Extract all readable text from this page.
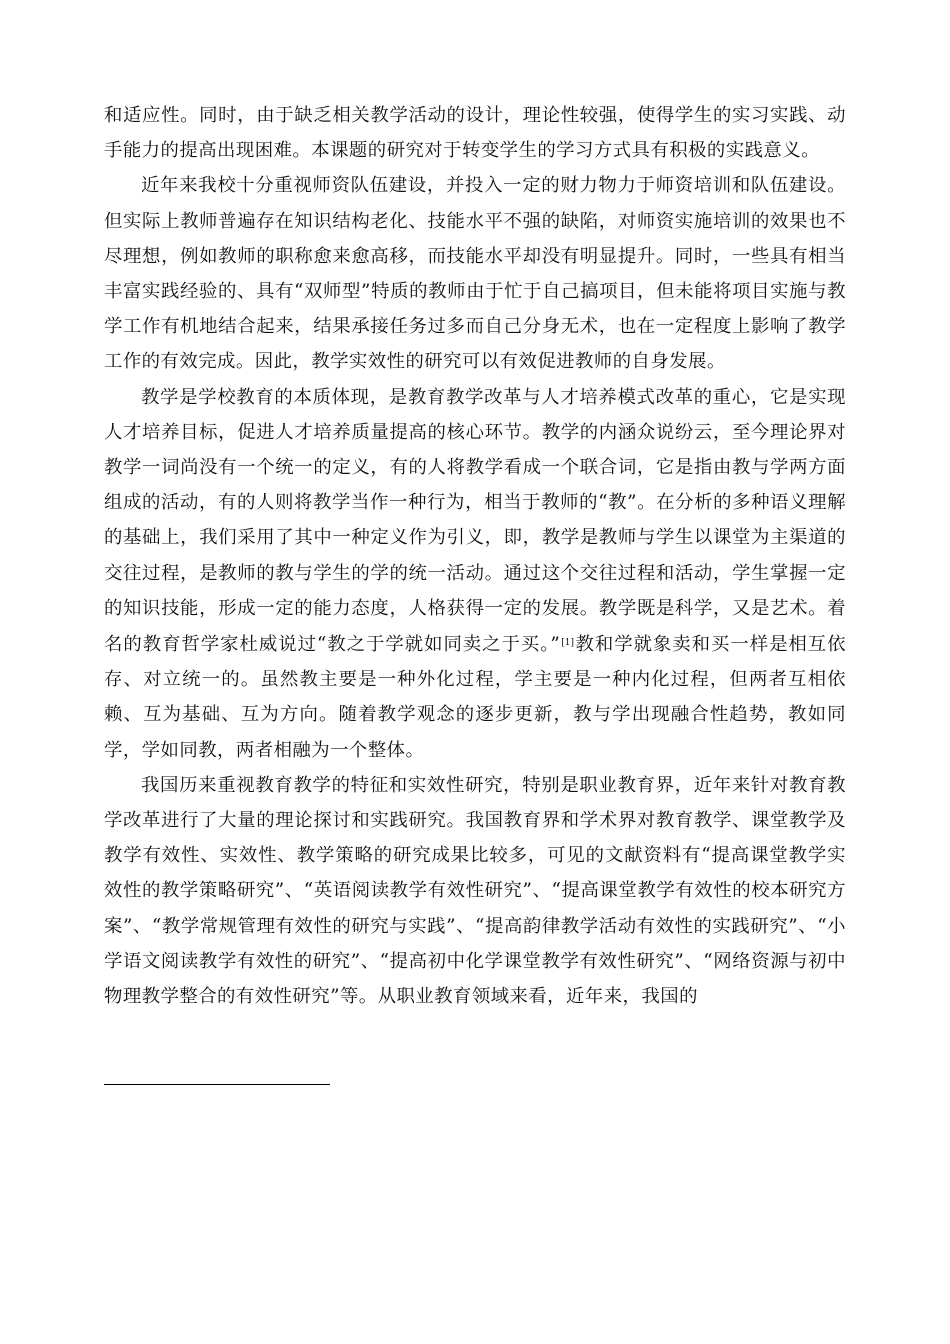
和适应性。同时，由于缺乏相关教学活动的设计，理论性较强，使得学生的实习实践、动手能力的提高出现困难。本课题的研究对于转变学生的学习方式具有积极的实践意义。

近年来我校十分重视师资队伍建设，并投入一定的财力物力于师资培训和队伍建设。但实际上教师普遍存在知识结构老化、技能水平不强的缺陷，对师资实施培训的效果也不尽理想，例如教师的职称愈来愈高移，而技能水平却没有明显提升。同时，一些具有相当丰富实践经验的、具有“双师型”特质的教师由于忙于自己搞项目，但未能将项目实施与教学工作有机地结合起来，结果承接任务过多而自己分身无术，也在一定程度上影响了教学工作的有效完成。因此，教学实效性的研究可以有效促进教师的自身发展。

教学是学校教育的本质体现，是教育教学改革与人才培养模式改革的重心，它是实现人才培养目标，促进人才培养质量提高的核心环节。教学的内涵众说纷云，至今理论界对教学一词尚没有一个统一的定义，有的人将教学看成一个联合词，它是指由教与学两方面组成的活动，有的人则将教学当作一种行为，相当于教师的“教”。在分析的多种语义理解的基础上，我们采用了其中一种定义作为引义，即，教学是教师与学生以课堂为主渠道的交往过程，是教师的教与学生的学的统一活动。通过这个交往过程和活动，学生掌握一定的知识技能，形成一定的能力态度，人格获得一定的发展。教学既是科学，又是艺术。着名的教育哲学家杜威说过“教之于学就如同卖之于买。”[1]教和学就象卖和买一样是相互依存、对立统一的。虽然教主要是一种外化过程，学主要是一种内化过程，但两者互相依赖、互为基础、互为方向。随着教学观念的逐步更新，教与学出现融合性趋势，教如同学，学如同教，两者相融为一个整体。

我国历来重视教育教学的特征和实效性研究，特别是职业教育界，近年来针对教育教学改革进行了大量的理论探讨和实践研究。我国教育界和学术界对教育教学、课堂教学及教学有效性、实效性、教学策略的研究成果比较多，可见的文献资料有“提高课堂教学实效性的教学策略研究”、“英语阅读教学有效性研究”、“提高课堂教学有效性的校本研究方案”、“教学常规管理有效性的研究与实践”、“提高韵律教学活动有效性的实践研究”、“小学语文阅读教学有效性的研究”、“提高初中化学课堂教学有效性研究”、“网络资源与初中物理教学整合的有效性研究”等。从职业教育领域来看，近年来，我国的
